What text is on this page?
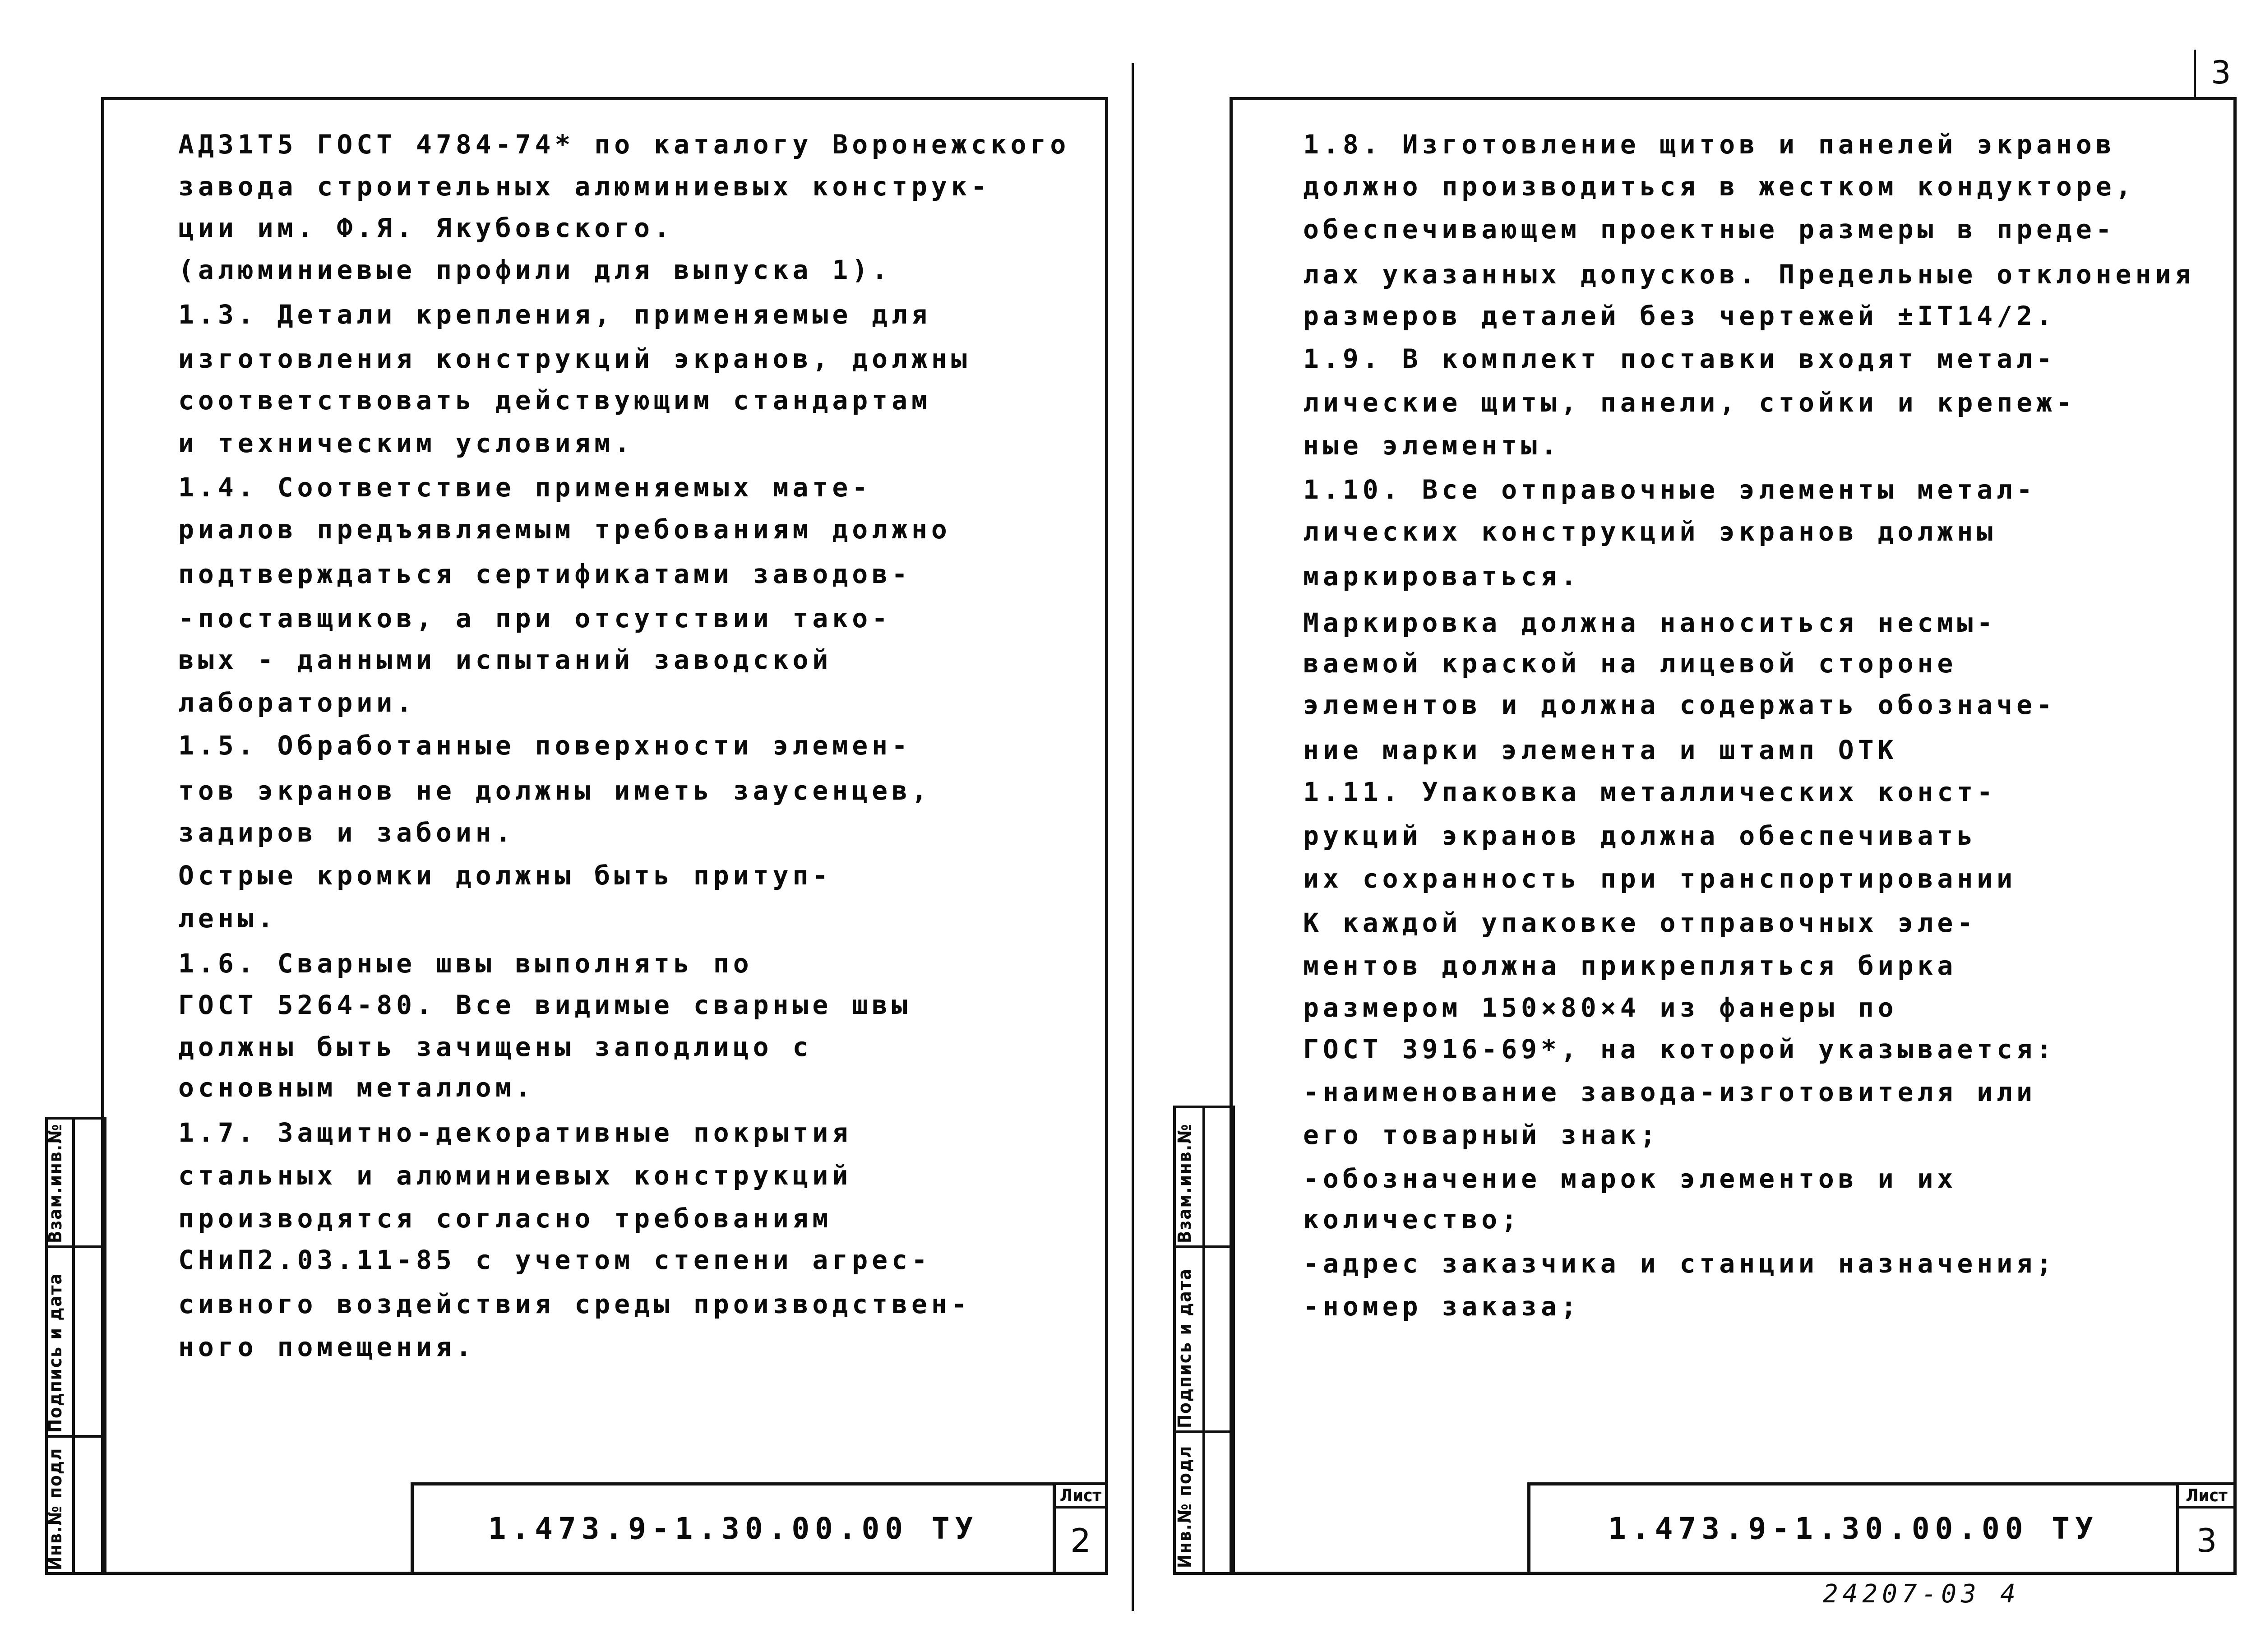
3
Взам.инв.№
Подпись и дата
Инв.№ подл
АД31Т5 ГОСТ 4784-74* по каталогу Воронежского
завода строительных алюминиевых конструк-
ции им. Ф.Я. Якубовского.
(алюминиевые профили для выпуска 1).
1.3. Детали крепления, применяемые для
изготовления конструкций экранов, должны
соответствовать действующим стандартам
и техническим условиям.
1.4. Соответствие применяемых мате-
риалов предъявляемым требованиям должно
подтверждаться сертификатами заводов-
-поставщиков, а при отсутствии тако-
вых - данными испытаний заводской
лаборатории.
1.5. Обработанные поверхности элемен-
тов экранов не должны иметь заусенцев,
задиров и забоин.
Острые кромки должны быть притуп-
лены.
1.6. Сварные швы выполнять по
ГОСТ 5264-80. Все видимые сварные швы
должны быть зачищены заподлицо с
основным металлом.
1.7. Защитно-декоративные покрытия
стальных и алюминиевых конструкций
производятся согласно требованиям
СНиП2.03.11-85 с учетом степени агрес-
сивного воздействия среды производствен-
ного помещения.
1.473.9-1.30.00.00 ТУ
Лист
2
Взам.инв.№
Подпись и дата
Инв.№ подл
1.8. Изготовление щитов и панелей экранов
должно производиться в жестком кондукторе,
обеспечивающем проектные размеры в преде-
лах указанных допусков. Предельные отклонения
размеров деталей без чертежей ±IT14/2.
1.9. В комплект поставки входят метал-
лические щиты, панели, стойки и крепеж-
ные элементы.
1.10. Все отправочные элементы метал-
лических конструкций экранов должны
маркироваться.
Маркировка должна наноситься несмы-
ваемой краской на лицевой стороне
элементов и должна содержать обозначе-
ние марки элемента и штамп ОТК
1.11. Упаковка металлических конст-
рукций экранов должна обеспечивать
их сохранность при транспортировании
К каждой упаковке отправочных эле-
ментов должна прикрепляться бирка
размером 150×80×4 из фанеры по
ГОСТ 3916-69*, на которой указывается:
-наименование завода-изготовителя или
его товарный знак;
-обозначение марок элементов и их
количество;
-адрес заказчика и станции назначения;
-номер заказа;
1.473.9-1.30.00.00 ТУ
Лист
3
24207-03 4
